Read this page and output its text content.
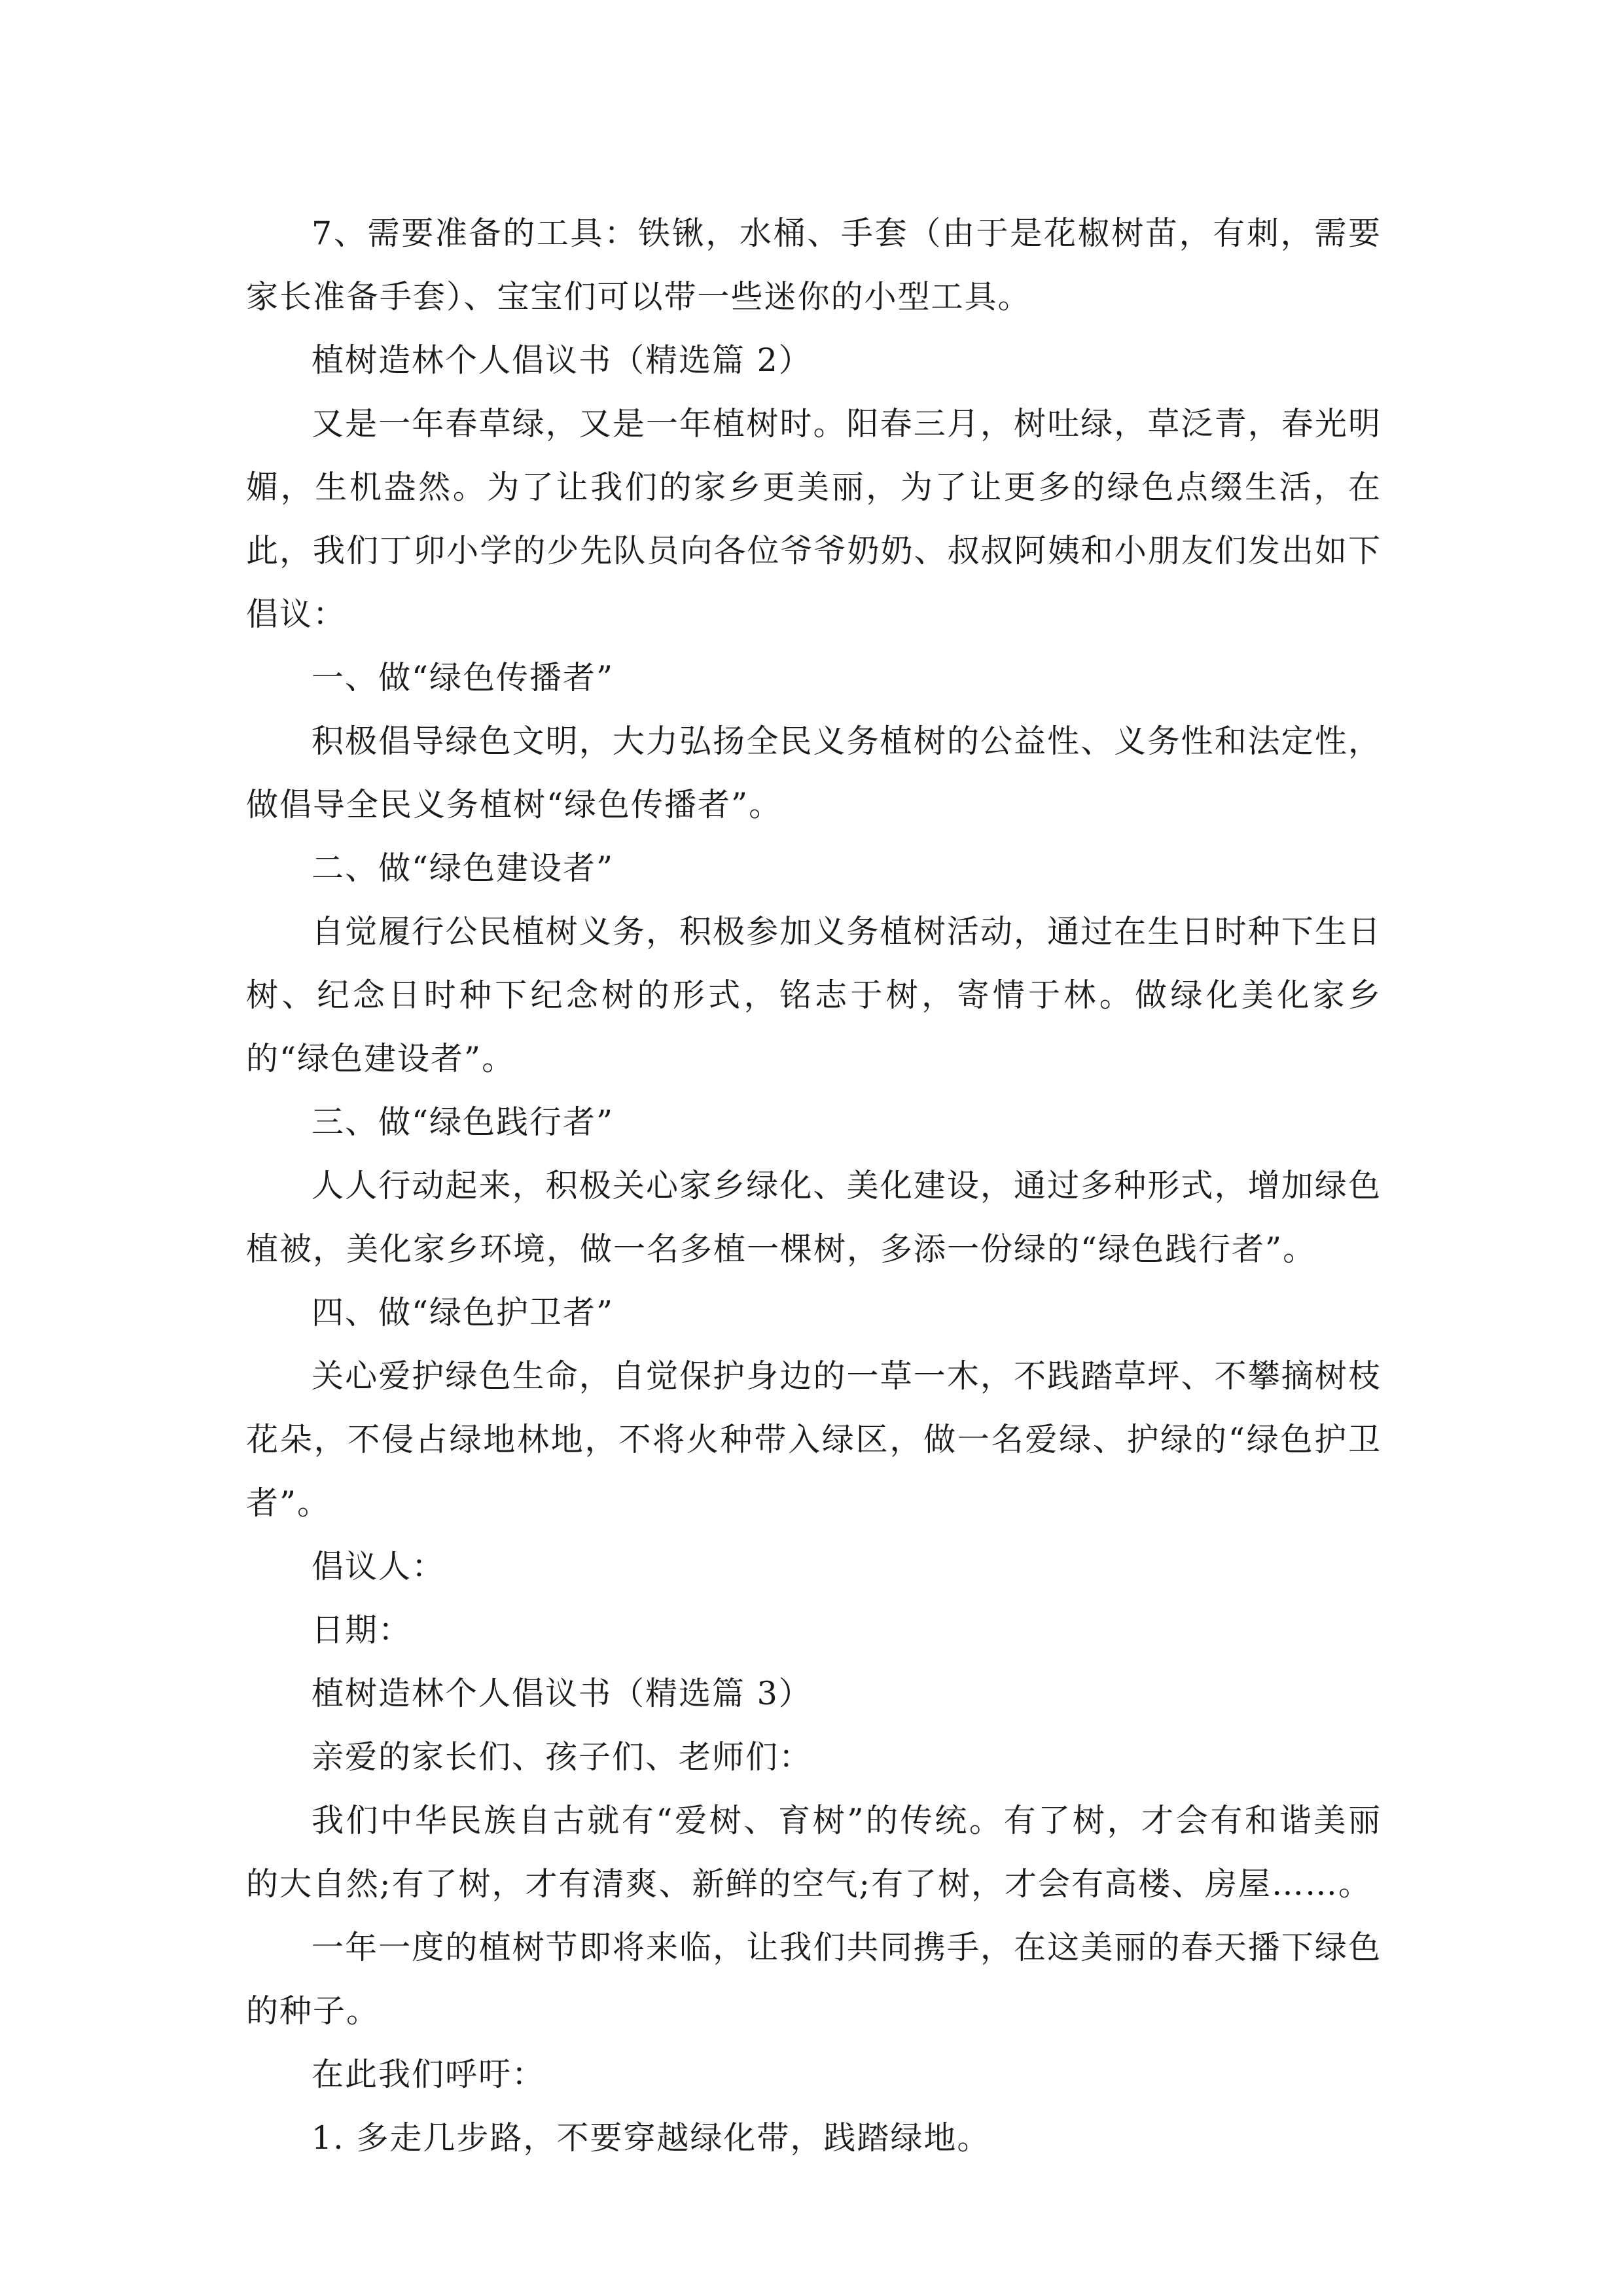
7、需要准备的工具：铁锹，水桶、手套（由于是花椒树苗，有刺，需要家长准备手套）、宝宝们可以带一些迷你的小型工具。

植树造林个人倡议书（精选篇 2）

又是一年春草绿，又是一年植树时。阳春三月，树吐绿，草泛青，春光明媚，生机盎然。为了让我们的家乡更美丽，为了让更多的绿色点缀生活，在此，我们丁卯小学的少先队员向各位爷爷奶奶、叔叔阿姨和小朋友们发出如下倡议：

一、做“绿色传播者”

积极倡导绿色文明，大力弘扬全民义务植树的公益性、义务性和法定性，做倡导全民义务植树“绿色传播者”。

二、做“绿色建设者”

自觉履行公民植树义务，积极参加义务植树活动，通过在生日时种下生日树、纪念日时种下纪念树的形式，铭志于树，寄情于林。做绿化美化家乡的“绿色建设者”。

三、做“绿色践行者”

人人行动起来，积极关心家乡绿化、美化建设，通过多种形式，增加绿色植被，美化家乡环境，做一名多植一棵树，多添一份绿的“绿色践行者”。

四、做“绿色护卫者”

关心爱护绿色生命，自觉保护身边的一草一木，不践踏草坪、不攀摘树枝花朵，不侵占绿地林地，不将火种带入绿区，做一名爱绿、护绿的“绿色护卫者”。

倡议人：

日期：

植树造林个人倡议书（精选篇 3）

亲爱的家长们、孩子们、老师们：

我们中华民族自古就有“爱树、育树”的传统。有了树，才会有和谐美丽的大自然;有了树，才有清爽、新鲜的空气;有了树，才会有高楼、房屋……。

一年一度的植树节即将来临，让我们共同携手，在这美丽的春天播下绿色的种子。

在此我们呼吁：

1. 多走几步路，不要穿越绿化带，践踏绿地。
